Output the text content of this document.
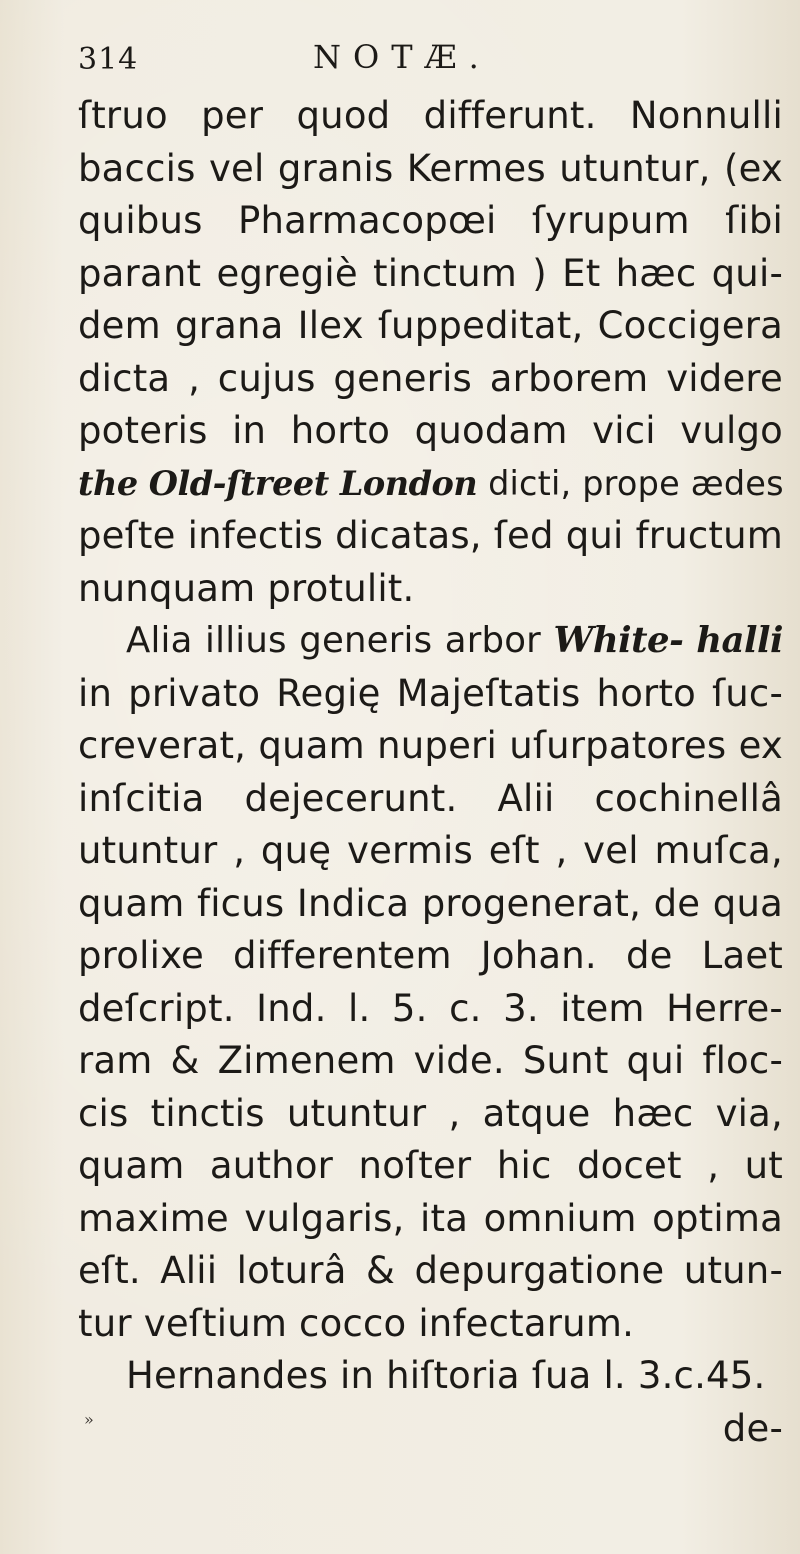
314	NOTÆ.
ſtruo per quod differunt. Nonnulli
baccis vel granis Kermes utuntur, (ex
quibus Pharmacopœi ſyrupum ſibi
parant egregiè tinctum ) Et hæc qui-
dem grana Ilex ſuppeditat, Coccigera
dicta , cujus generis arborem videre
poteris in horto quodam vici vulgo
the Old-ſtreet London dicti, prope ædes
peſte infectis dicatas, ſed qui fructum
nunquam protulit.
Alia illius generis arbor White- halli
in privato Regię Majeſtatis horto ſuc-
creverat, quam nuperi uſurpatores ex
inſcitia dejecerunt. Alii cochinellâ
utuntur , quę vermis eſt , vel muſca,
quam ficus Indica progenerat, de qua
prolixe differentem Johan. de Laet
deſcript. Ind. l. 5. c. 3. item Herre-
ram & Zimenem vide. Sunt qui floc-
cis tinctis utuntur , atque hæc via,
quam author noſter hic docet , ut
maxime vulgaris, ita omnium optima
eſt. Alii loturâ & depurgatione utun-
tur veſtium cocco infectarum.
Hernandes in hiſtoria ſua l. 3.c.45.
de-
»
